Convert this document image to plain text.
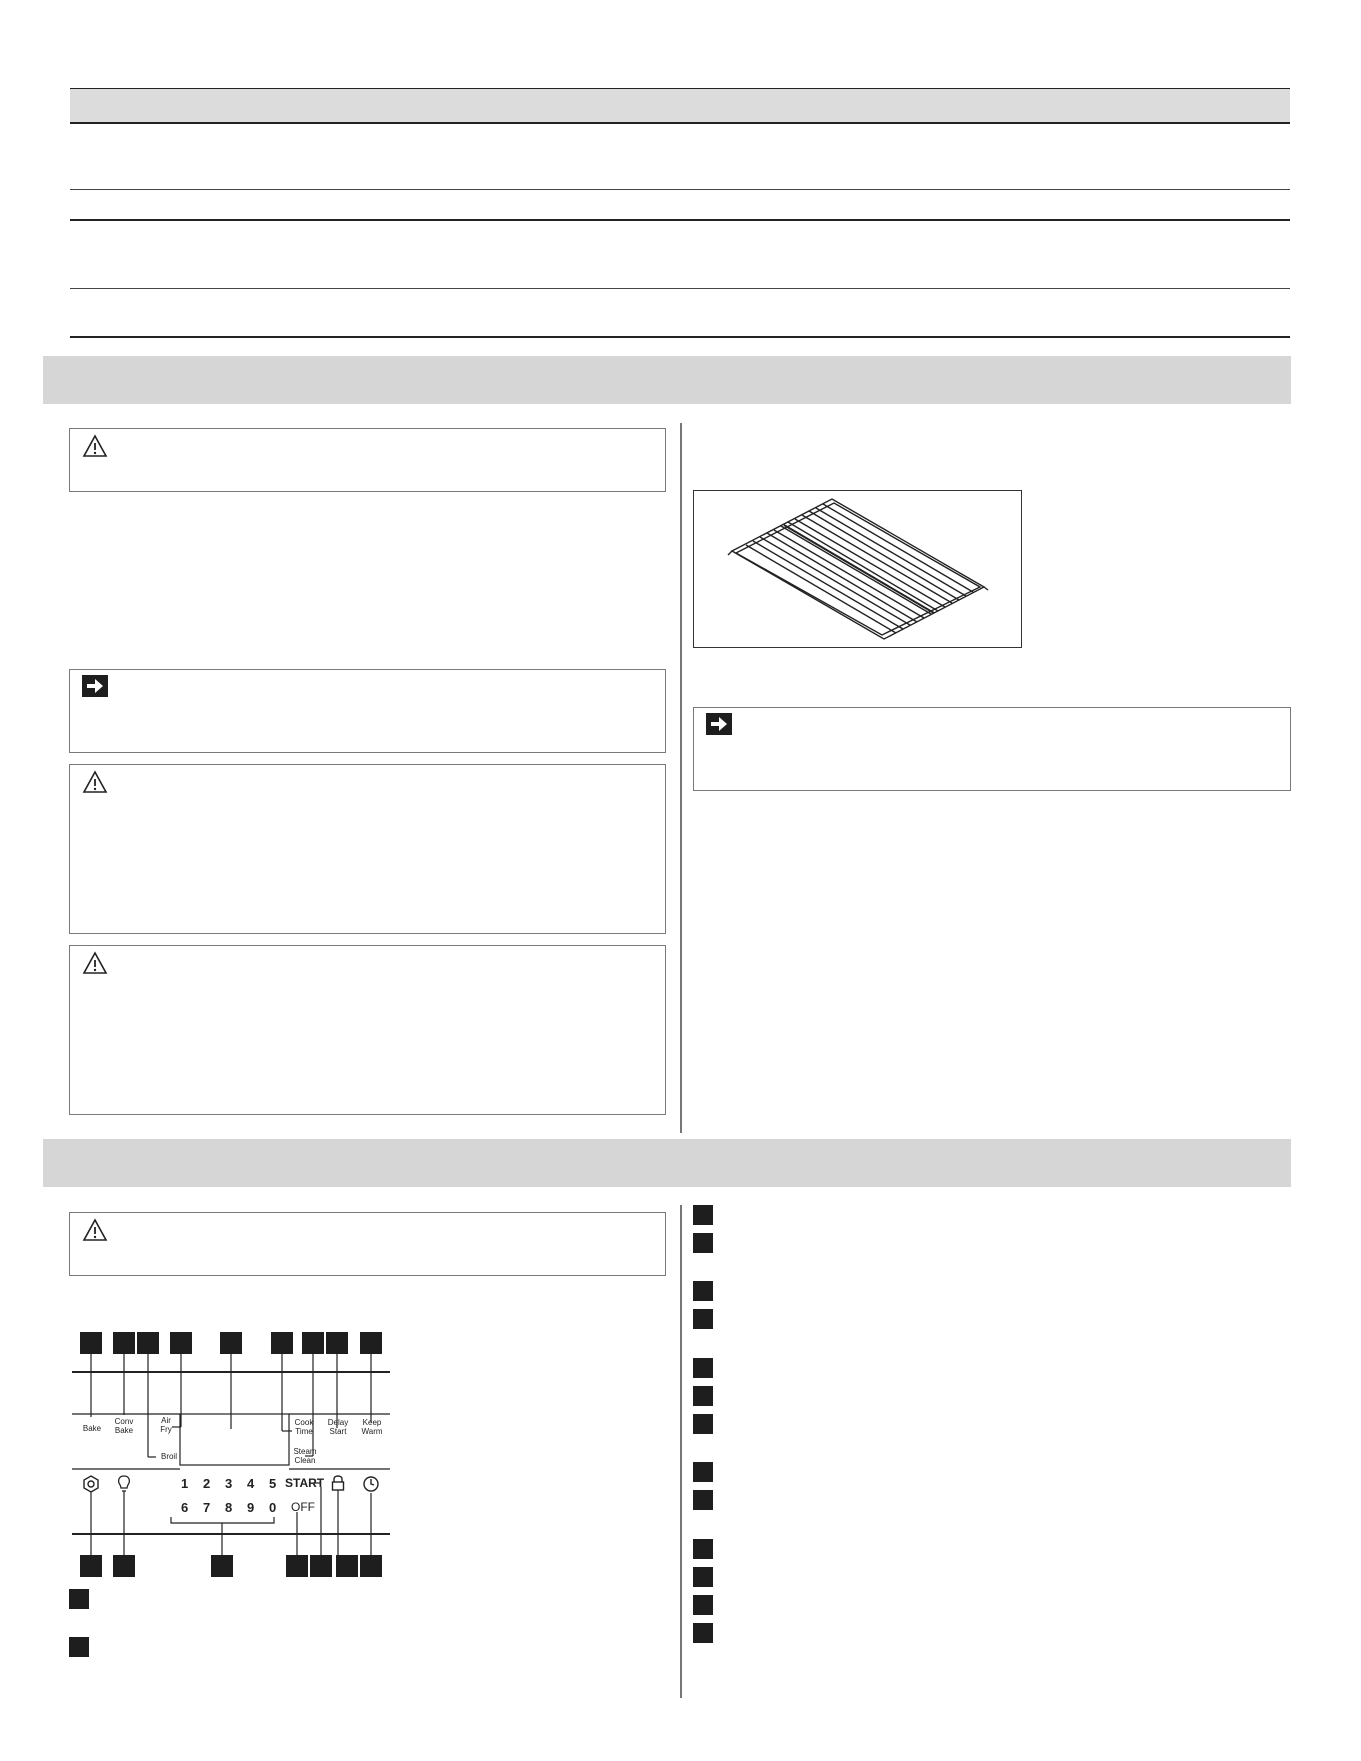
Bake
Conv
Bake
Air
Fry
Broil
Cook
Time
Delay
Start
Keep
Warm
Steam
Clean
1 2 3 4 5
6 7 8 9 0
START
OFF
